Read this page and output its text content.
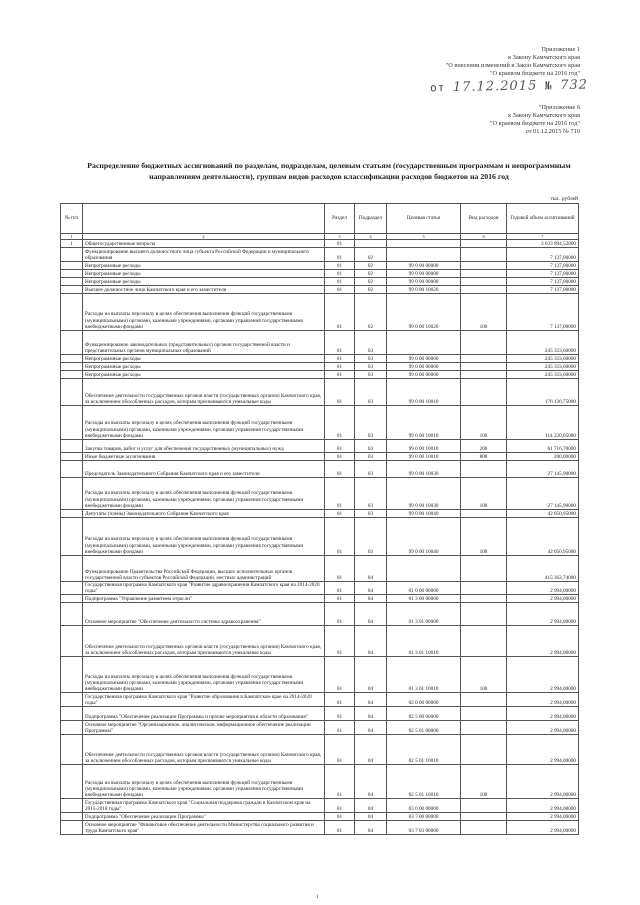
Приложение 1
к Закону Камчатского края
"О внесении изменений в Закон Камчатского края
"О краевом бюджете на 2016 год"
от 17.12.2015 № 732
"Приложение 6
к Закону Камчатского края
"О краевом бюджете на 2016 год"
от 01.12.2015 № 710
Распределение бюджетных ассигнований по разделам, подразделам, целевым статьям (государственным программам и непрограммным направлениям деятельности), группам видов расходов классификации расходов бюджетов на 2016 год
тыс. рублей
№ п/п		Раздел	Подраздел	Целевая статья	Вид расходов	Годовой объем ассигнований
1	2	3	4	5	6	7
1	Общегосударственные вопросы	01				3 033 894,52800
	Функционирование высшего должностного лица субъекта Российской Федерации и муниципального образования	01	02			7 137,00000
	Непрограммные расходы	01	02	99 0 00 00000		7 137,00000
	Непрограммные расходы	01	02	99 0 00 00000		7 137,00000
	Непрограммные расходы	01	02	99 0 00 00000		7 137,00000
	Высшее должностное лицо Камчатского края и его заместители	01	02	99 0 00 10020		7 137,00000
	Расходы на выплаты персоналу в целях обеспечения выполнения функций государственными (муниципальными) органами, казенными учреждениями, органами управления государственными внебюджетными фондами	01	02	99 0 00 10020	100	7 137,00000
	Функционирование законодательных (представительных) органов государственной власти и представительных органов муниципальных образований	01	03			245 333,60000
	Непрограммные расходы	01	03	99 0 00 00000		245 333,60000
	Непрограммные расходы	01	03	99 0 00 00000		245 333,60000
	Непрограммные расходы	01	03	99 0 00 00000		245 333,60000
	Обеспечение деятельности государственных органов власти (государственных органов) Камчатского края, за исключением обособленных расходов, которым присваиваются уникальные коды	01	03	99 0 00 10010		176 136,75000
	Расходы на выплаты персоналу в целях обеспечения выполнения функций государственными (муниципальными) органами, казенными учреждениями, органами управления государственными внебюджетными фондами	01	03	99 0 00 10010	100	114 220,05000
	Закупка товаров, работ и услуг для обеспечения государственных (муниципальных) нужд	01	03	99 0 00 10010	200	61 716,70000
	Иные бюджетные ассигнования	01	03	99 0 00 10010	800	200,00000
	Председатель Законодательного Собрания Камчатского края и его заместители	01	03	99 0 00 10030		27 145,90000
	Расходы на выплаты персоналу в целях обеспечения выполнения функций государственными (муниципальными) органами, казенными учреждениями, органами управления государственными внебюджетными фондами	01	03	99 0 00 10030	100	27 145,90000
	Депутаты (члены) Законодательного Собрания Камчатского края	01	03	99 0 00 10040		42 050,95000
	Расходы на выплаты персоналу в целях обеспечения выполнения функций государственными (муниципальными) органами, казенными учреждениями, органами управления государственными внебюджетными фондами	01	03	99 0 00 10040	100	42 050,95000
	Функционирование Правительства Российской Федерации, высших исполнительных органов государственной власти субъектов Российской Федерации, местных администраций	01	04			415 362,74000
	Государственная программа Камчатского края "Развитие здравоохранения Камчатского края на 2014-2020 годы"	01	04	01 0 00 00000		2 994,00000
	Подпрограмма "Управление развитием отрасли"	01	04	01 3 00 00000		2 994,00000
	Основное мероприятие "Обеспечение деятельности системы здравоохранения"	01	04	01 3 01 00000		2 994,00000
	Обеспечение деятельности государственных органов власти (государственных органов) Камчатского края, за исключением обособленных расходов, которым присваиваются уникальные коды	01	04	01 3 01 10010		2 994,00000
	Расходы на выплаты персоналу в целях обеспечения выполнения функций государственными (муниципальными) органами, казенными учреждениями, органами управления государственными внебюджетными фондами	01	04	01 3 01 10010	100	2 994,00000
	Государственная программа Камчатского края "Развитие образования в Камчатском крае на 2014-2020 годы"	01	04	02 0 00 00000		2 994,00000
	Подпрограмма "Обеспечение реализации Программы и прочие мероприятия в области образования"	01	04	02 5 00 00000		2 994,00000
	Основное мероприятие "Организационное, аналитическое, информационное обеспечение реализации Программы"	01	04	02 5 01 00000		2 994,00000
	Обеспечение деятельности государственных органов власти (государственных органов) Камчатского края, за исключением обособленных расходов, которым присваиваются уникальные коды	01	04	02 5 01 10010		2 994,00000
	Расходы на выплаты персоналу в целях обеспечения выполнения функций государственными (муниципальными) органами, казенными учреждениями, органами управления государственными внебюджетными фондами	01	04	02 5 01 10010	100	2 994,00000
	Государственная программа Камчатского края "Социальная поддержка граждан в Камчатском крае на 2015-2018 годы"	01	04	03 0 00 00000		2 994,00000
	Подпрограмма "Обеспечение реализации Программы"	01	04	03 7 00 00000		2 994,00000
	Основное мероприятие "Финансовое обеспечение деятельности Министерства социального развития и труда Камчатского края"	01	04	03 7 03 00000		2 994,00000
1
